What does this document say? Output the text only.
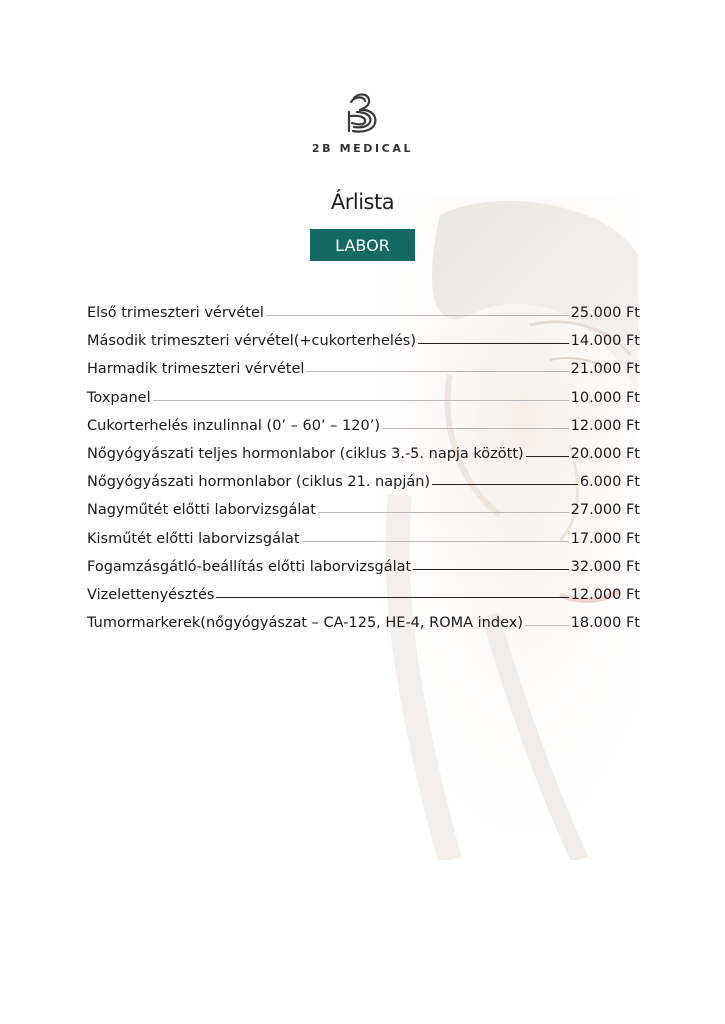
2B MEDICAL
Árlista
LABOR
Első trimeszteri vérvétel	25.000 Ft
Második trimeszteri vérvétel(+cukorterhelés)	14.000 Ft
Harmadik trimeszteri vérvétel	21.000 Ft
Toxpanel	10.000 Ft
Cukorterhelés inzulinnal (0’ – 60’ – 120’)	12.000 Ft
Nőgyógyászati teljes hormonlabor (ciklus 3.-5. napja között)	20.000 Ft
Nőgyógyászati hormonlabor (ciklus 21. napján)	6.000 Ft
Nagyműtét előtti laborvizsgálat	27.000 Ft
Kisműtét előtti laborvizsgálat	17.000 Ft
Fogamzásgátló-beállítás előtti laborvizsgálat	32.000 Ft
Vizelettenyésztés	12.000 Ft
Tumormarkerek(nőgyógyászat – CA-125, HE-4, ROMA index)	18.000 Ft
